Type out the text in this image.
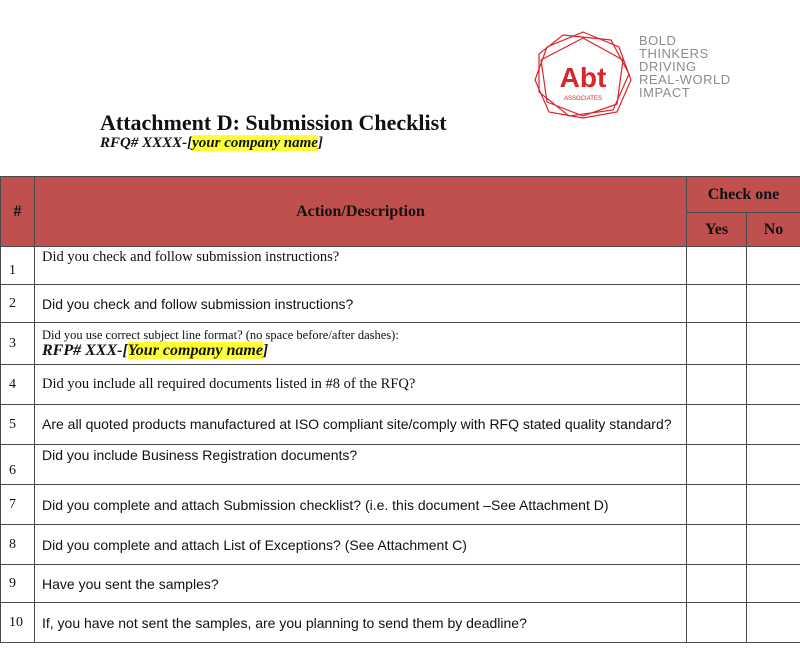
Abt
ASSOCIATES
BOLD
THINKERS
DRIVING
REAL-WORLD
IMPACT
Attachment D: Submission Checklist
RFQ# XXXX-[your company name]
#	Action/Description	Check one	
		Yes	No
1	Did you check and follow submission instructions?		
2	Did you check and follow submission instructions?		
3	Did you use correct subject line format? (no space before/after dashes):
RFP# XXX-[Your company name]		

4	Did you include all required documents listed in #8 of the RFQ?		
5	Are all quoted products manufactured at ISO compliant site/comply with RFQ stated quality standard?		
6	Did you include Business Registration documents?		
7	Did you complete and attach Submission checklist? (i.e. this document –See Attachment D)		
8	Did you complete and attach List of Exceptions? (See Attachment C)		
9	Have you sent the samples?		
10	If, you have not sent the samples, are you planning to send them by deadline?		
